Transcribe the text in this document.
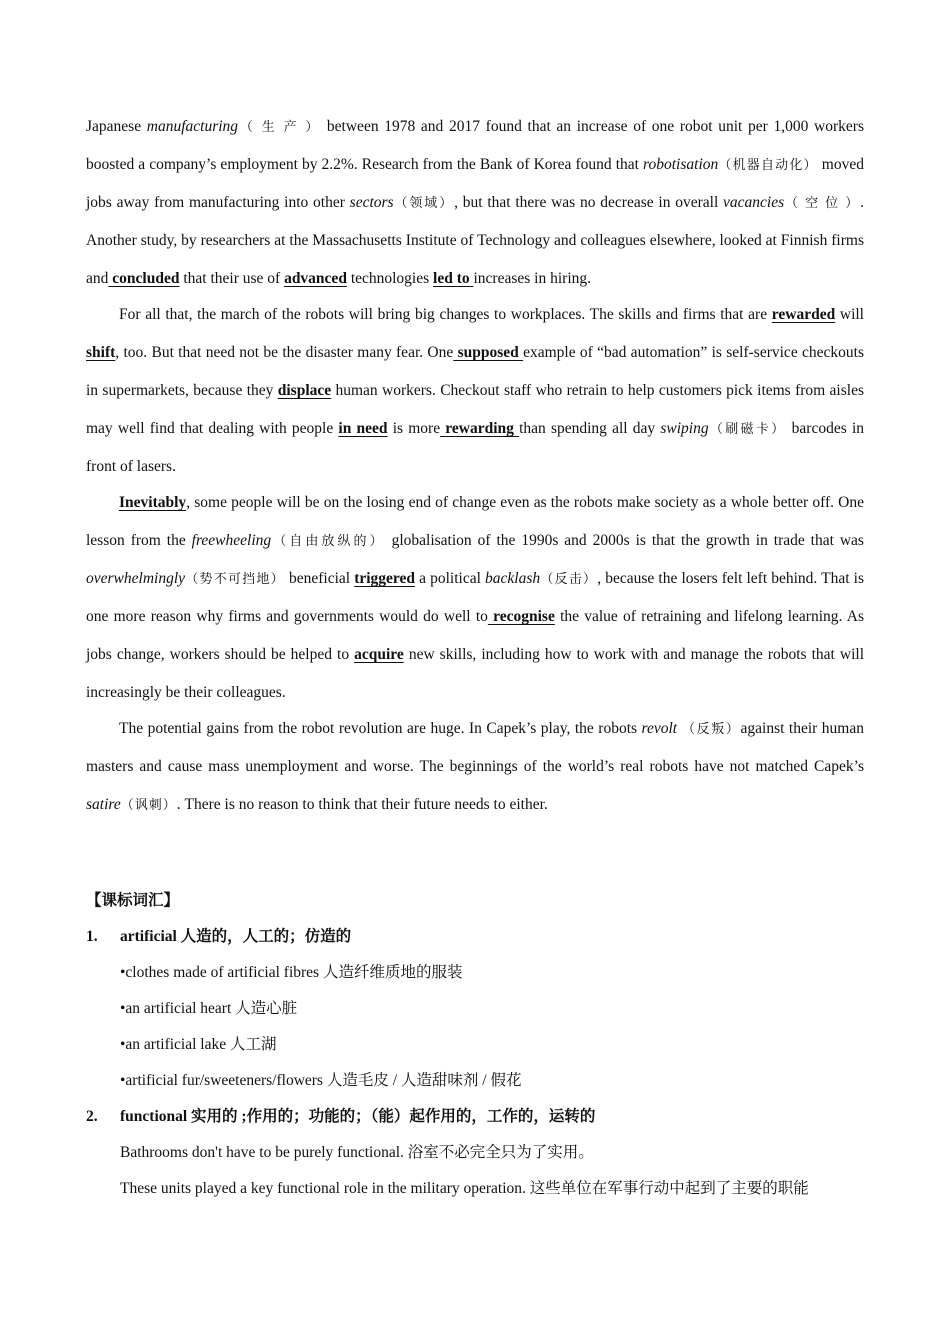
Japanese manufacturing（ 生 产 ） between 1978 and 2017 found that an increase of one robot unit per 1,000 workers boosted a company’s employment by 2.2%. Research from the Bank of Korea found that robotisation（机器自动化） moved jobs away from manufacturing into other sectors（领域）, but that there was no decrease in overall vacancies（ 空 位 ）. Another study, by researchers at the Massachusetts Institute of Technology and colleagues elsewhere, looked at Finnish firms and concluded that their use of advanced technologies led to increases in hiring.

For all that, the march of the robots will bring big changes to workplaces. The skills and firms that are rewarded will shift, too. But that need not be the disaster many fear. One supposed example of “bad automation” is self-service checkouts in supermarkets, because they displace human workers. Checkout staff who retrain to help customers pick items from aisles may well find that dealing with people in need is more rewarding than spending all day swiping（刷磁卡） barcodes in front of lasers.

Inevitably, some people will be on the losing end of change even as the robots make society as a whole better off. One lesson from the freewheeling（自由放纵的） globalisation of the 1990s and 2000s is that the growth in trade that was overwhelmingly（势不可挡地） beneficial triggered a political backlash（反击）, because the losers felt left behind. That is one more reason why firms and governments would do well to recognise the value of retraining and lifelong learning. As jobs change, workers should be helped to acquire new skills, including how to work with and manage the robots that will increasingly be their colleagues.

The potential gains from the robot revolution are huge. In Capek’s play, the robots revolt （反叛）against their human masters and cause mass unemployment and worse. The beginnings of the world’s real robots have not matched Capek’s satire（讽刺）. There is no reason to think that their future needs to either.

【课标词汇】
1.	artificial 人造的，人工的；仿造的
•clothes made of artificial fibres 人造纤维质地的服装
•an artificial heart 人造心脏
•an artificial lake 人工湖
•artificial fur/sweeteners/flowers 人造毛皮 / 人造甜味剂 / 假花
2.	functional 实用的 ;作用的；功能的；（能）起作用的，工作的，运转的
Bathrooms don't have to be purely functional. 浴室不必完全只为了实用。
These units played a key functional role in the military operation. 这些单位在军事行动中起到了主要的职能
